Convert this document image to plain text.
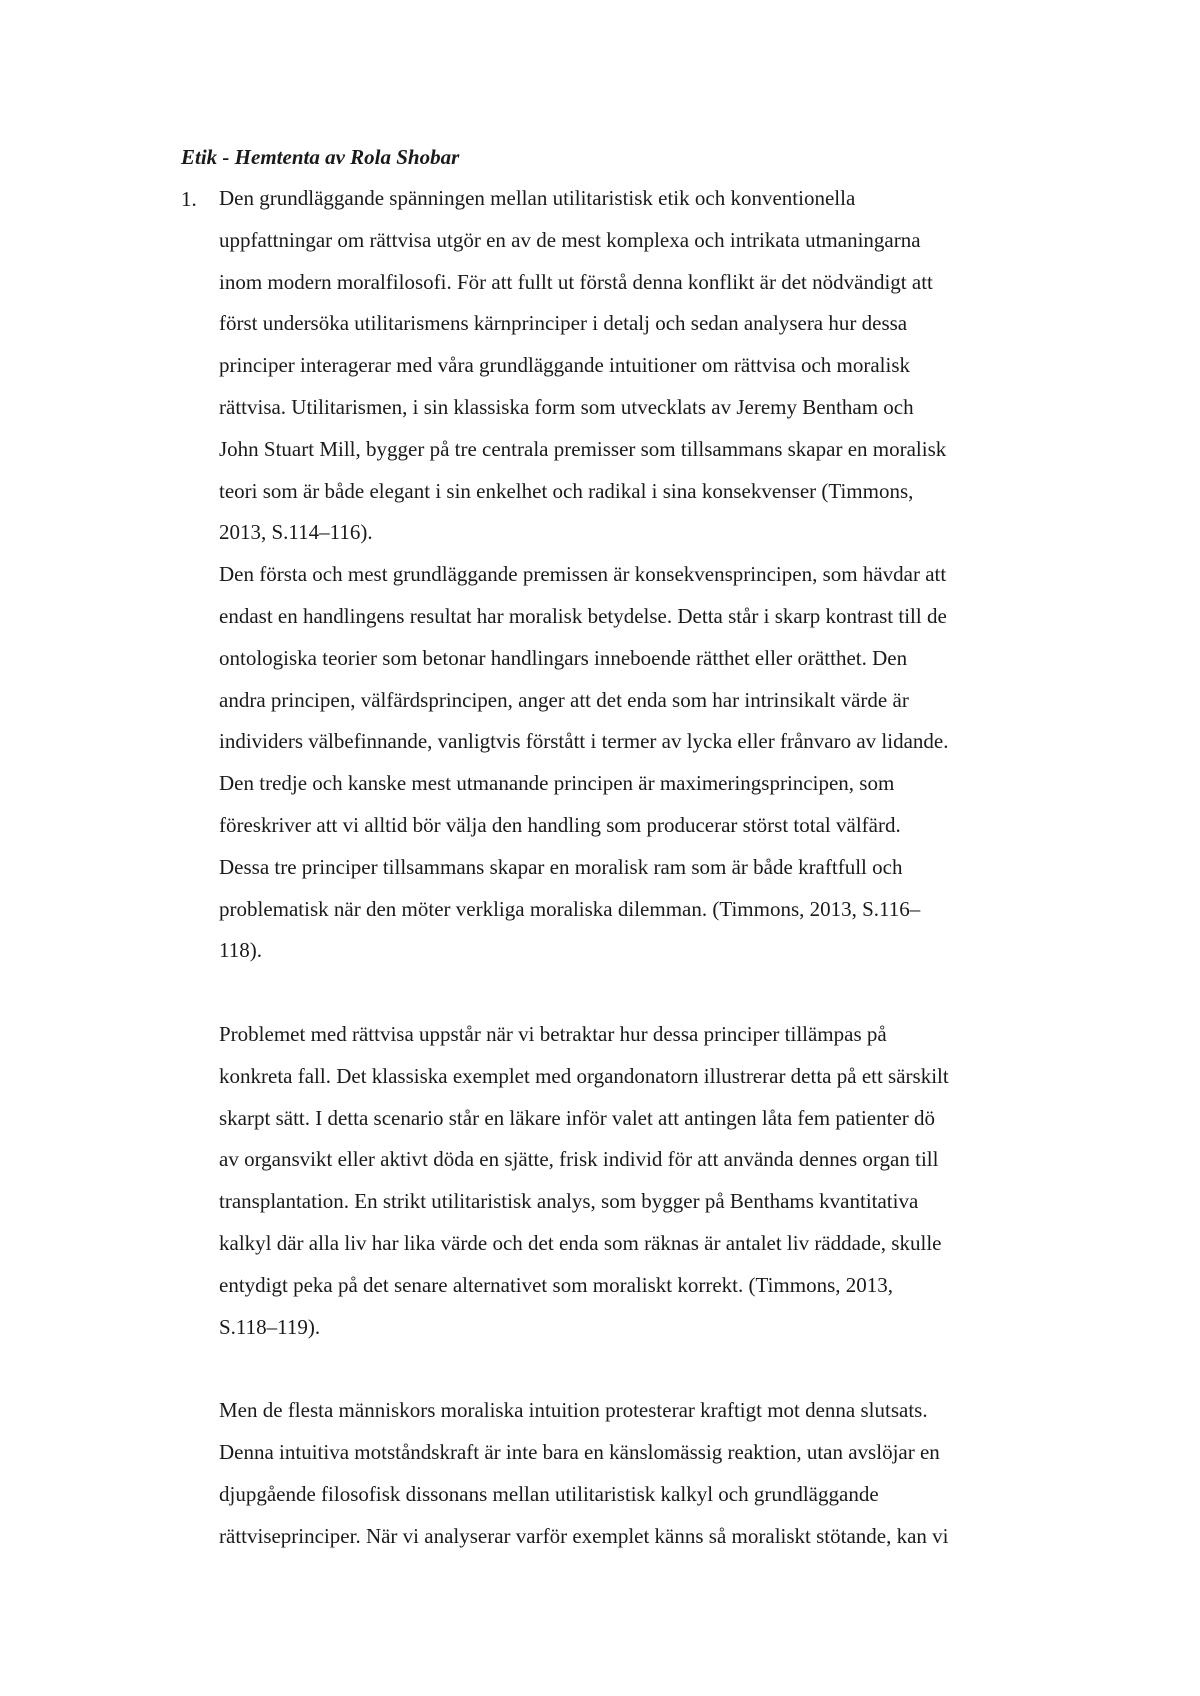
Etik - Hemtenta av Rola Shobar
1. Den grundläggande spänningen mellan utilitaristisk etik och konventionella
uppfattningar om rättvisa utgör en av de mest komplexa och intrikata utmaningarna
inom modern moralfilosofi. För att fullt ut förstå denna konflikt är det nödvändigt att
först undersöka utilitarismens kärnprinciper i detalj och sedan analysera hur dessa
principer interagerar med våra grundläggande intuitioner om rättvisa och moralisk
rättvisa. Utilitarismen, i sin klassiska form som utvecklats av Jeremy Bentham och
John Stuart Mill, bygger på tre centrala premisser som tillsammans skapar en moralisk
teori som är både elegant i sin enkelhet och radikal i sina konsekvenser (Timmons,
2013, S.114–116).
Den första och mest grundläggande premissen är konsekvensprincipen, som hävdar att
endast en handlingens resultat har moralisk betydelse. Detta står i skarp kontrast till de
ontologiska teorier som betonar handlingars inneboende rätthet eller orätthet. Den
andra principen, välfärdsprincipen, anger att det enda som har intrinsikalt värde är
individers välbefinnande, vanligtvis förstått i termer av lycka eller frånvaro av lidande.
Den tredje och kanske mest utmanande principen är maximeringsprincipen, som
föreskriver att vi alltid bör välja den handling som producerar störst total välfärd.
Dessa tre principer tillsammans skapar en moralisk ram som är både kraftfull och
problematisk när den möter verkliga moraliska dilemman. (Timmons, 2013, S.116–
118).
Problemet med rättvisa uppstår när vi betraktar hur dessa principer tillämpas på
konkreta fall. Det klassiska exemplet med organdonatorn illustrerar detta på ett särskilt
skarpt sätt. I detta scenario står en läkare inför valet att antingen låta fem patienter dö
av organsvikt eller aktivt döda en sjätte, frisk individ för att använda dennes organ till
transplantation. En strikt utilitaristisk analys, som bygger på Benthams kvantitativa
kalkyl där alla liv har lika värde och det enda som räknas är antalet liv räddade, skulle
entydigt peka på det senare alternativet som moraliskt korrekt. (Timmons, 2013,
S.118–119).
Men de flesta människors moraliska intuition protesterar kraftigt mot denna slutsats.
Denna intuitiva motståndskraft är inte bara en känslomässig reaktion, utan avslöjar en
djupgående filosofisk dissonans mellan utilitaristisk kalkyl och grundläggande
rättviseprinciper. När vi analyserar varför exemplet känns så moraliskt stötande, kan vi
